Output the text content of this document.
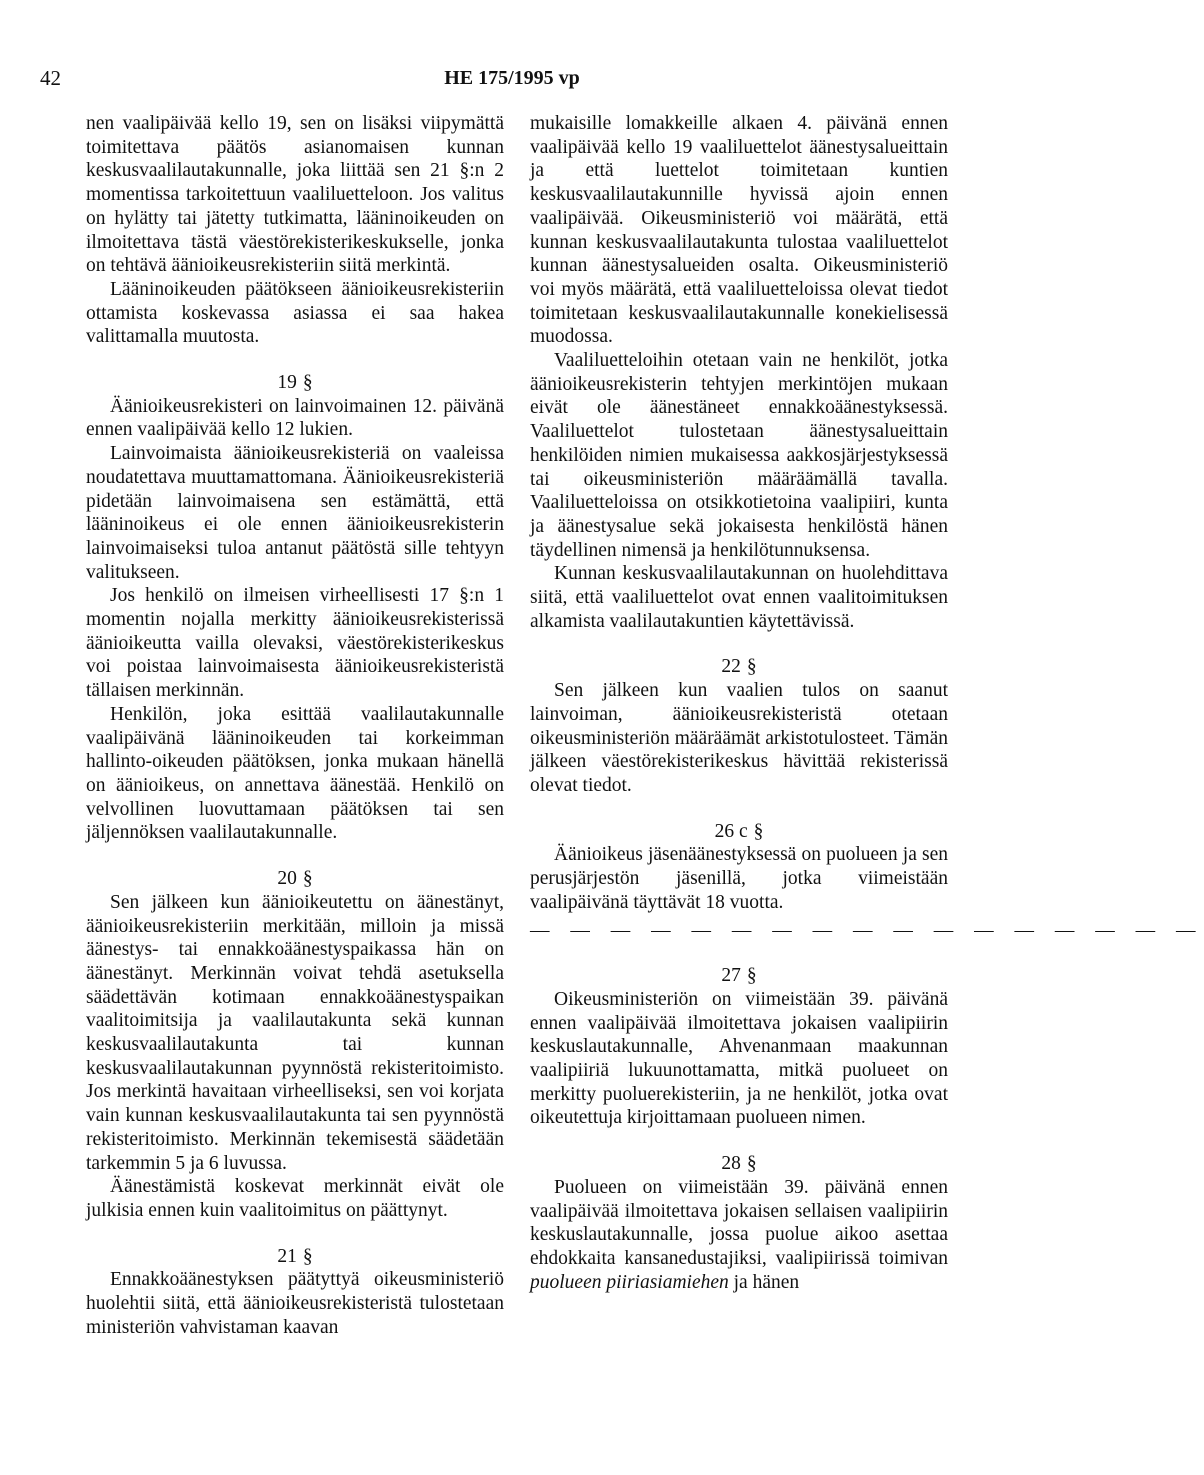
42	HE 175/1995 vp

nen vaalipäivää kello 19, sen on lisäksi viipymättä toimitettava päätös asianomaisen kunnan keskusvaalilautakunnalle, joka liittää sen 21 §:n 2 momentissa tarkoitettuun vaaliluetteloon. Jos valitus on hylätty tai jätetty tutkimatta, lääninoikeuden on ilmoitettava tästä väestörekisterikeskukselle, jonka on tehtävä äänioikeusrekisteriin siitä merkintä.

Lääninoikeuden päätökseen äänioikeusrekisteriin ottamista koskevassa asiassa ei saa hakea valittamalla muutosta.

19 §

Äänioikeusrekisteri on lainvoimainen 12. päivänä ennen vaalipäivää kello 12 lukien.

Lainvoimaista äänioikeusrekisteriä on vaaleissa noudatettava muuttamattomana. Äänioikeusrekisteriä pidetään lainvoimaisena sen estämättä, että lääninoikeus ei ole ennen äänioikeusrekisterin lainvoimaiseksi tuloa antanut päätöstä sille tehtyyn valitukseen.

Jos henkilö on ilmeisen virheellisesti 17 §:n 1 momentin nojalla merkitty äänioikeusrekisterissä äänioikeutta vailla olevaksi, väestörekisterikeskus voi poistaa lainvoimaisesta äänioikeusrekisteristä tällaisen merkinnän.

Henkilön, joka esittää vaalilautakunnalle vaalipäivänä lääninoikeuden tai korkeimman hallinto-oikeuden päätöksen, jonka mukaan hänellä on äänioikeus, on annettava äänestää. Henkilö on velvollinen luovuttamaan päätöksen tai sen jäljennöksen vaalilautakunnalle.

20 §

Sen jälkeen kun äänioikeutettu on äänestänyt, äänioikeusrekisteriin merkitään, milloin ja missä äänestys- tai ennakkoäänestyspaikassa hän on äänestänyt. Merkinnän voivat tehdä asetuksella säädettävän kotimaan ennakkoäänestyspaikan vaalitoimitsija ja vaalilautakunta sekä kunnan keskusvaalilautakunta tai kunnan keskusvaalilautakunnan pyynnöstä rekisteritoimisto. Jos merkintä havaitaan virheelliseksi, sen voi korjata vain kunnan keskusvaalilautakunta tai sen pyynnöstä rekisteritoimisto. Merkinnän tekemisestä säädetään tarkemmin 5 ja 6 luvussa.

Äänestämistä koskevat merkinnät eivät ole julkisia ennen kuin vaalitoimitus on päättynyt.

21 §

Ennakkoäänestyksen päätyttyä oikeusministeriö huolehtii siitä, että äänioikeusrekisteristä tulostetaan ministeriön vahvistaman kaavan

mukaisille lomakkeille alkaen 4. päivänä ennen vaalipäivää kello 19 vaaliluettelot äänestysalueittain ja että luettelot toimitetaan kuntien keskusvaalilautakunnille hyvissä ajoin ennen vaalipäivää. Oikeusministeriö voi määrätä, että kunnan keskusvaalilautakunta tulostaa vaaliluettelot kunnan äänestysalueiden osalta. Oikeusministeriö voi myös määrätä, että vaaliluetteloissa olevat tiedot toimitetaan keskusvaalilautakunnalle konekielisessä muodossa.

Vaaliluetteloihin otetaan vain ne henkilöt, jotka äänioikeusrekisterin tehtyjen merkintöjen mukaan eivät ole äänestäneet ennakkoäänestyksessä. Vaaliluettelot tulostetaan äänestysalueittain henkilöiden nimien mukaisessa aakkosjärjestyksessä tai oikeusministeriön määräämällä tavalla. Vaaliluetteloissa on otsikkotietoina vaalipiiri, kunta ja äänestysalue sekä jokaisesta henkilöstä hänen täydellinen nimensä ja henkilötunnuksensa.

Kunnan keskusvaalilautakunnan on huolehdittava siitä, että vaaliluettelot ovat ennen vaalitoimituksen alkamista vaalilautakuntien käytettävissä.

22 §

Sen jälkeen kun vaalien tulos on saanut lainvoiman, äänioikeusrekisteristä otetaan oikeusministeriön määräämät arkistotulosteet. Tämän jälkeen väestörekisterikeskus hävittää rekisterissä olevat tiedot.

26 c §

Äänioikeus jäsenäänestyksessä on puolueen ja sen perusjärjestön jäsenillä, jotka viimeistään vaalipäivänä täyttävät 18 vuotta.

— — — — — — — — — — — — — — — — —
27 §

Oikeusministeriön on viimeistään 39. päivänä ennen vaalipäivää ilmoitettava jokaisen vaalipiirin keskuslautakunnalle, Ahvenanmaan maakunnan vaalipiiriä lukuunottamatta, mitkä puolueet on merkitty puoluerekisteriin, ja ne henkilöt, jotka ovat oikeutettuja kirjoittamaan puolueen nimen.

28 §

Puolueen on viimeistään 39. päivänä ennen vaalipäivää ilmoitettava jokaisen sellaisen vaalipiirin keskuslautakunnalle, jossa puolue aikoo asettaa ehdokkaita kansanedustajiksi, vaalipiirissä toimivan puolueen piiriasiamiehen ja hänen
